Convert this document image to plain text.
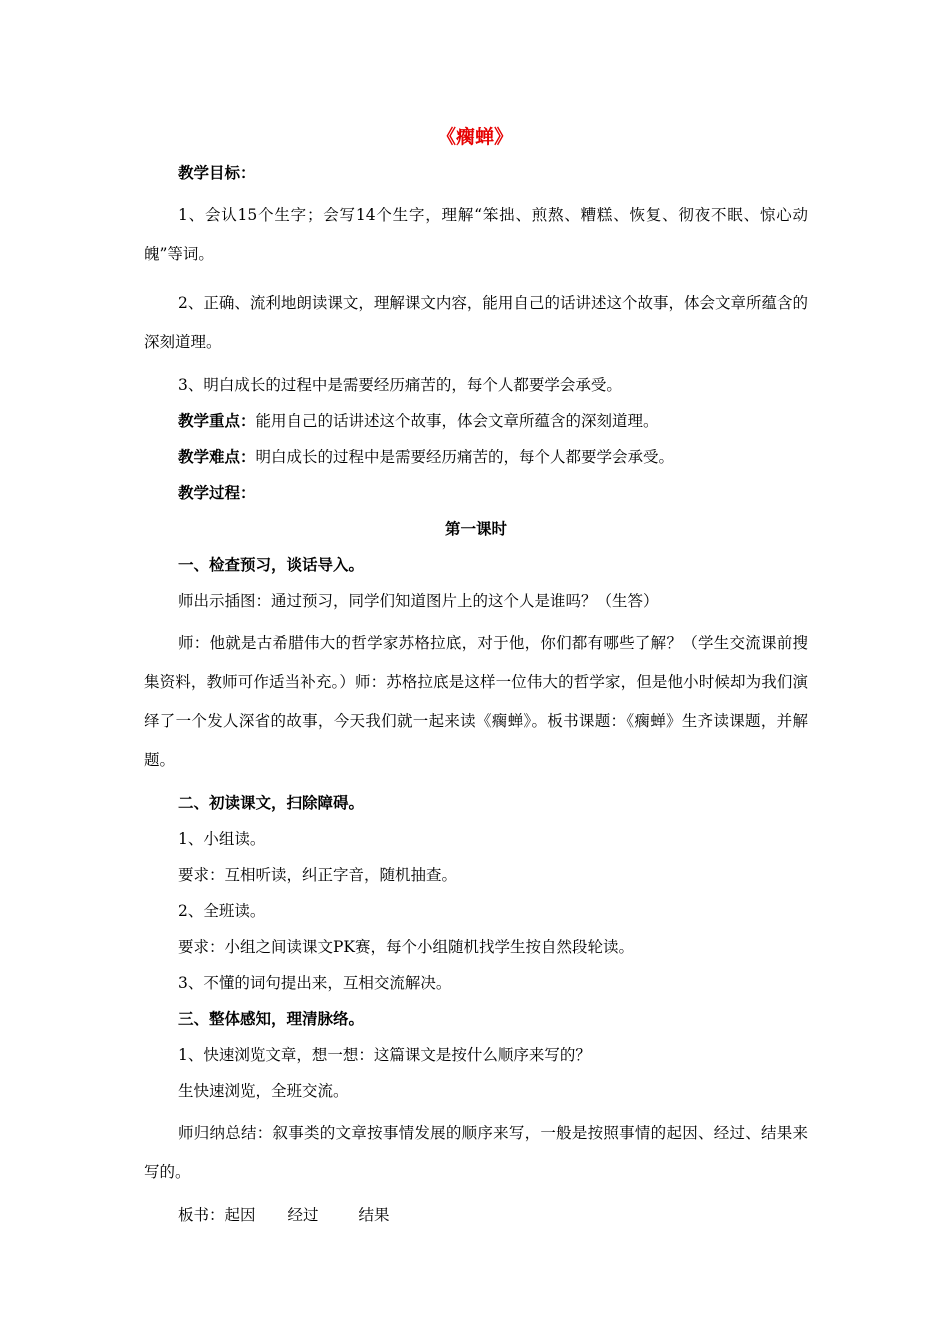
《瘸蝉》

教学目标：

1、会认15个生字；会写14个生字，理解“笨拙、煎熬、糟糕、恢复、彻夜不眠、惊心动魄”等词。

2、正确、流利地朗读课文，理解课文内容，能用自己的话讲述这个故事，体会文章所蕴含的深刻道理。

3、明白成长的过程中是需要经历痛苦的，每个人都要学会承受。

教学重点：能用自己的话讲述这个故事，体会文章所蕴含的深刻道理。

教学难点：明白成长的过程中是需要经历痛苦的，每个人都要学会承受。

教学过程：

第一课时

一、检查预习，谈话导入。

师出示插图：通过预习，同学们知道图片上的这个人是谁吗？（生答）

师：他就是古希腊伟大的哲学家苏格拉底，对于他，你们都有哪些了解？（学生交流课前搜集资料，教师可作适当补充。）师：苏格拉底是这样一位伟大的哲学家，但是他小时候却为我们演绎了一个发人深省的故事，今天我们就一起来读《瘸蝉》。板书课题：《瘸蝉》生齐读课题，并解题。

二、初读课文，扫除障碍。

1、小组读。

要求：互相听读，纠正字音，随机抽查。

2、全班读。

要求：小组之间读课文PK赛，每个小组随机找学生按自然段轮读。

3、不懂的词句提出来，互相交流解决。

三、整体感知，理清脉络。

1、快速浏览文章，想一想：这篇课文是按什么顺序来写的？

生快速浏览，全班交流。

师归纳总结：叙事类的文章按事情发展的顺序来写，一般是按照事情的起因、经过、结果来写的。

板书：起因 经过	结果
